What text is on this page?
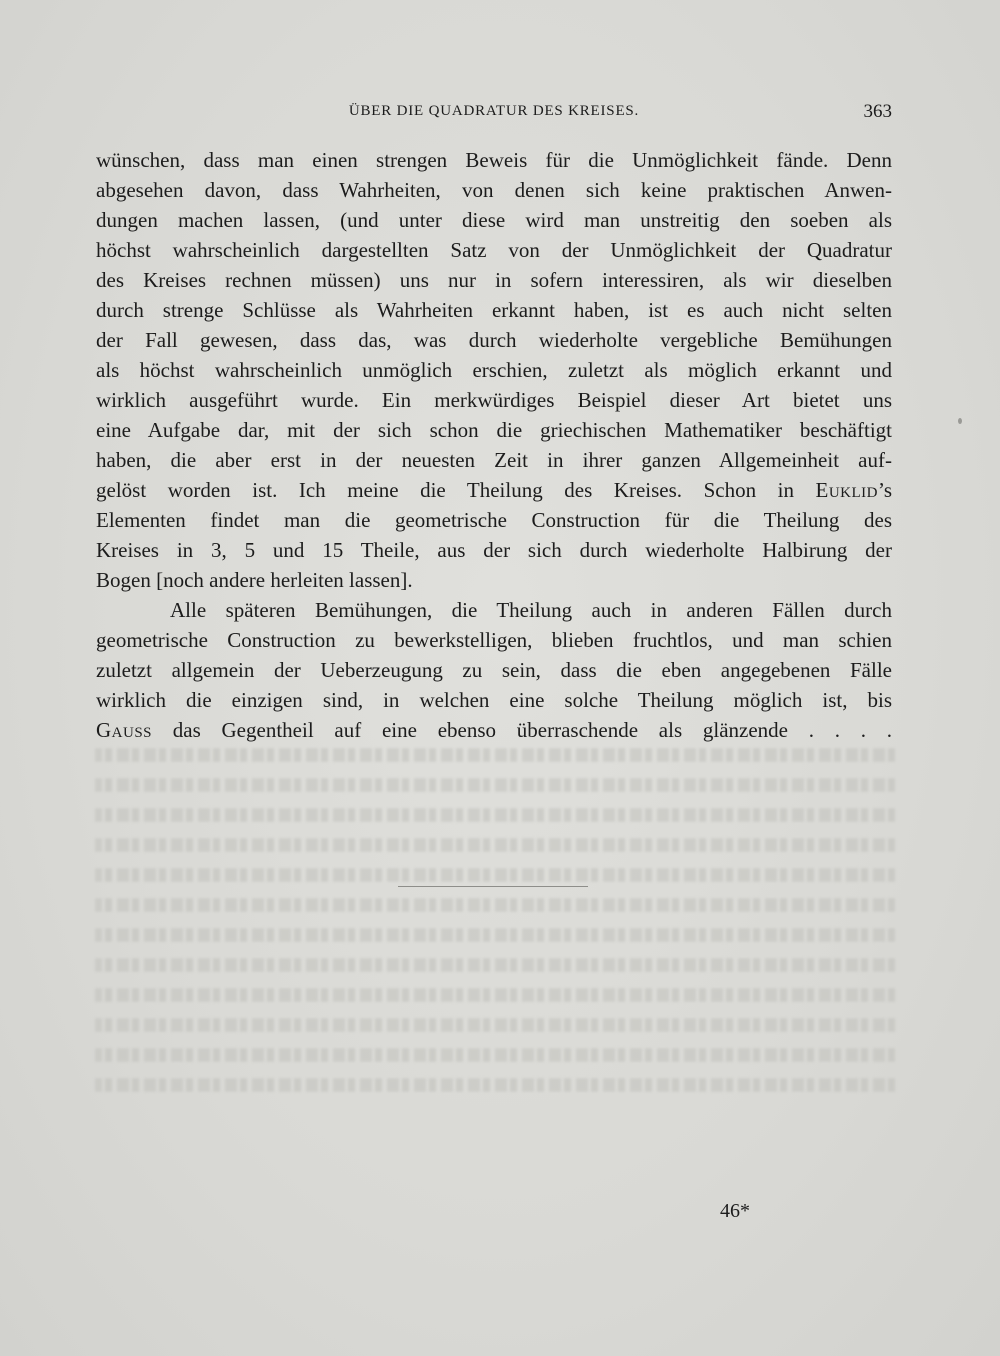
ÜBER DIE QUADRATUR DES KREISES.	363
wünschen, dass man einen strengen Beweis für die Unmöglichkeit fände. Denn
abgesehen davon, dass Wahrheiten, von denen sich keine praktischen Anwen-
dungen machen lassen, (und unter diese wird man unstreitig den soeben als
höchst wahrscheinlich dargestellten Satz von der Unmöglichkeit der Quadratur
des Kreises rechnen müssen) uns nur in sofern interessiren, als wir dieselben
durch strenge Schlüsse als Wahrheiten erkannt haben, ist es auch nicht selten
der Fall gewesen, dass das, was durch wiederholte vergebliche Bemühungen
als höchst wahrscheinlich unmöglich erschien, zuletzt als möglich erkannt und
wirklich ausgeführt wurde. Ein merkwürdiges Beispiel dieser Art bietet uns
eine Aufgabe dar, mit der sich schon die griechischen Mathematiker beschäftigt
haben, die aber erst in der neuesten Zeit in ihrer ganzen Allgemeinheit auf-
gelöst worden ist. Ich meine die Theilung des Kreises. Schon in Euklid’s
Elementen findet man die geometrische Construction für die Theilung des
Kreises in 3, 5 und 15 Theile, aus der sich durch wiederholte Halbirung der
Bogen [noch andere herleiten lassen].
Alle späteren Bemühungen, die Theilung auch in anderen Fällen durch
geometrische Construction zu bewerkstelligen, blieben fruchtlos, und man schien
zuletzt allgemein der Ueberzeugung zu sein, dass die eben angegebenen Fälle
wirklich die einzigen sind, in welchen eine solche Theilung möglich ist, bis
Gauss das Gegentheil auf eine ebenso überraschende als glänzende . . . .
46*
